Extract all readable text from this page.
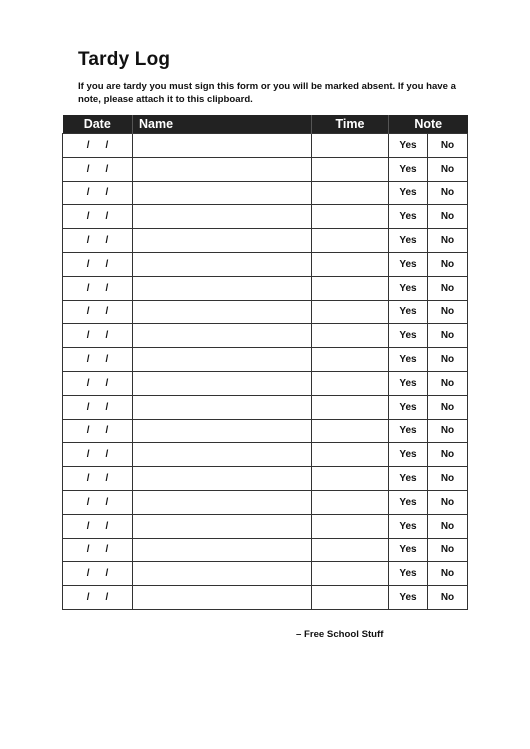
Tardy Log
If you are tardy you must sign this form or you will be marked absent. If you have a note, please attach it to this clipboard.
Date	Name	Time	Note	
/ /			Yes	No
/ /			Yes	No
/ /			Yes	No
/ /			Yes	No
/ /			Yes	No
/ /			Yes	No
/ /			Yes	No
/ /			Yes	No
/ /			Yes	No
/ /			Yes	No
/ /			Yes	No
/ /			Yes	No
/ /			Yes	No
/ /			Yes	No
/ /			Yes	No
/ /			Yes	No
/ /			Yes	No
/ /			Yes	No
/ /			Yes	No
/ /			Yes	No
– Free School Stuff
